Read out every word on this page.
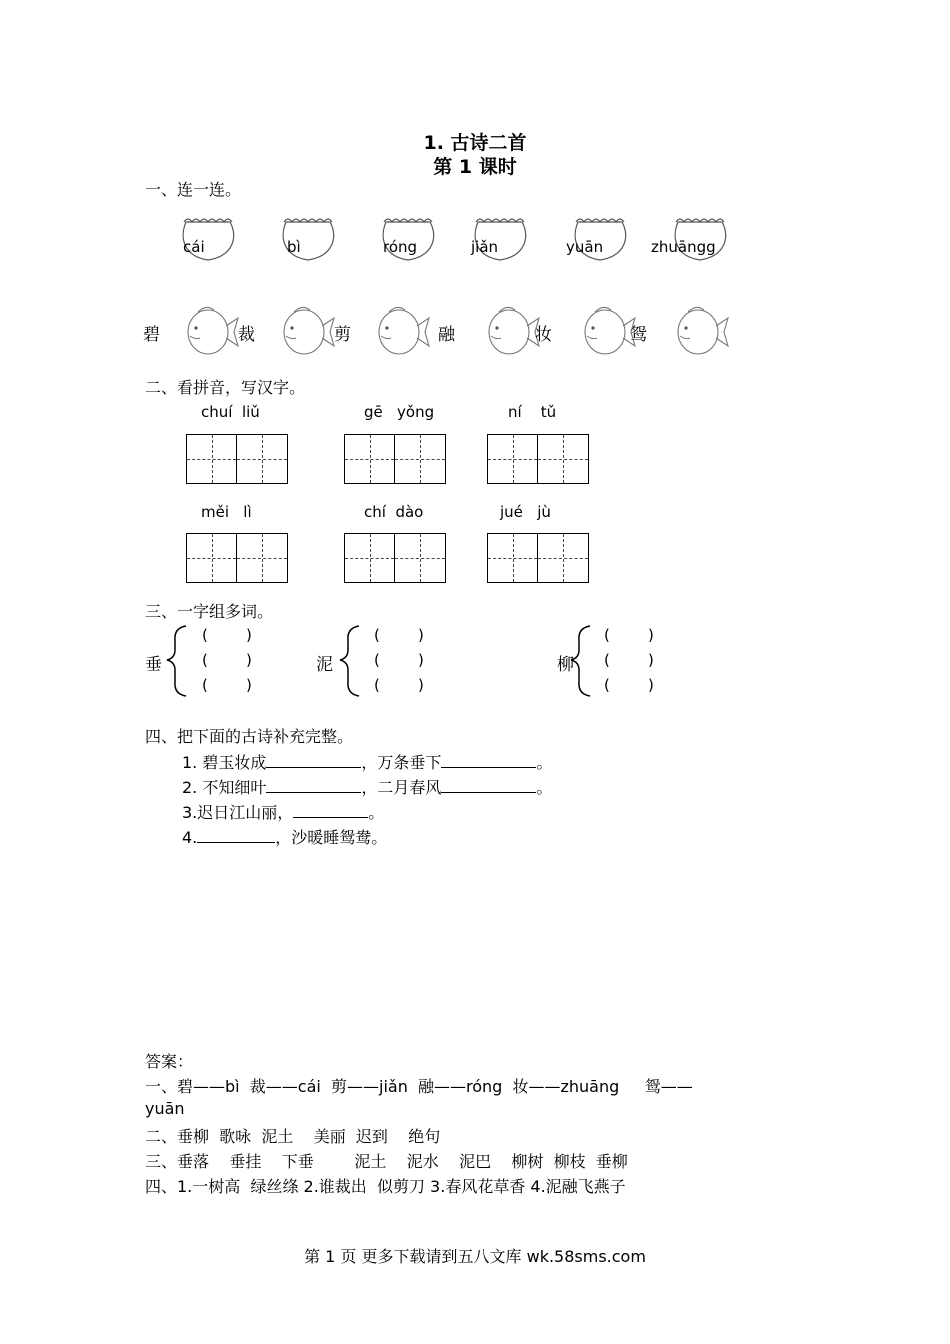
1. 古诗二首
第 1 课时
一、连一连。
cái	bì	róng	jiǎn	yuān	zhuāngg
碧	裁	剪	融	妆	鸳
二、看拼音，写汉字。
chuí  liǔ	gē   yǒng	ní    tǔ
měi   lì	chí  dào	jué   jù
三、一字组多词。
垂	泥	柳
(        )
(        )
(        )
(        )
(        )
(        )
(        )
(        )
(        )
四、把下面的古诗补充完整。
1. 碧玉妆成	，万条垂下	。
2. 不知细叶	，二月春风	。
3.迟日江山丽，	。
4.	，沙暖睡鸳鸯。
答案：
一、碧——bì  裁——cái  剪——jiǎn  融——róng  妆——zhuāng     鸳——
yuān
二、垂柳  歌咏  泥土    美丽  迟到    绝句
三、垂落    垂挂    下垂        泥土    泥水    泥巴    柳树  柳枝  垂柳
四、1.一树高  绿丝绦 2.谁裁出  似剪刀 3.春风花草香 4.泥融飞燕子
第 1 页 更多下载请到五八文库 wk.58sms.com
